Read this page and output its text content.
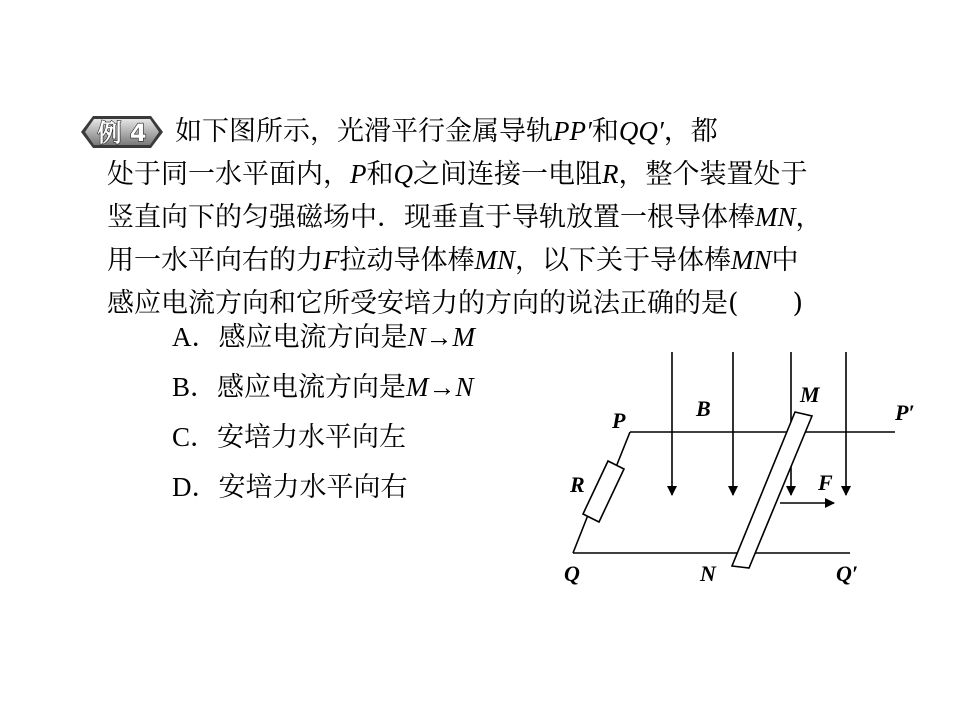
例 4 如下图所示，光滑平行金属导轨PP′和QQ′，都
处于同一水平面内，P和Q之间连接一电阻R，整个装置处于
竖直向下的匀强磁场中．现垂直于导轨放置一根导体棒MN，
用一水平向右的力F拉动导体棒MN，以下关于导体棒MN中
感应电流方向和它所受安培力的方向的说法正确的是(　　)
A．感应电流方向是N→M
B．感应电流方向是M→N
C．安培力水平向左
D．安培力水平向右
P	P′
Q	Q′
M
N
B
F
R
